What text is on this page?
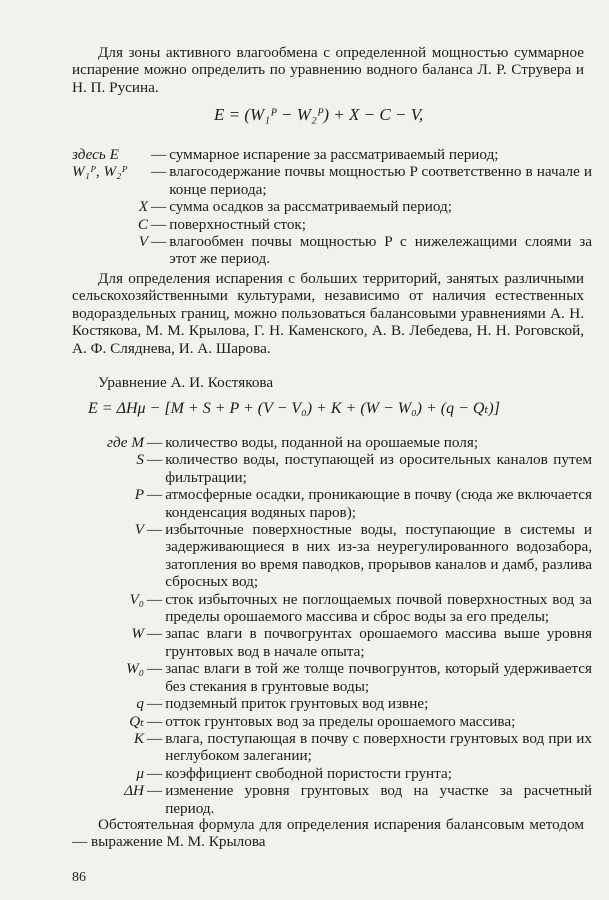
Для зоны активного влагообмена с определенной мощностью суммарное испарение можно определить по уравнению водного баланса Л. Р. Струвера и Н. П. Русина.
E = (W₁ᴾ − W₂ᴾ) + X − C − V,
здесь E	— суммарное испарение за рассматриваемый период;
W₁ᴾ, W₂ᴾ	— влагосодержание почвы мощностью P соответственно в начале и конце периода;
X — сумма осадков за рассматриваемый период;
C — поверхностный сток;
V — влагообмен почвы мощностью P с нижележащими слоями за этот же период.
Для определения испарения с больших территорий, занятых различными сельскохозяйственными культурами, независимо от наличия естественных водораздельных границ, можно пользоваться балансовыми уравнениями А. Н. Костякова, М. М. Крылова, Г. Н. Каменского, А. В. Лебедева, Н. Н. Роговской, А. Ф. Сляднева, И. А. Шарова.
Уравнение А. И. Костякова
E = ΔHμ − [M + S + P + (V − V₀) + K + (W − W₀) + (q − Qₜ)]
где M — количество воды, поданной на орошаемые поля;
S — количество воды, поступающей из оросительных каналов путем фильтрации;
P — атмосферные осадки, проникающие в почву (сюда же включается конденсация водяных паров);
V — избыточные поверхностные воды, поступающие в системы и задерживающиеся в них из-за неурегулированного водозабора, затопления во время паводков, прорывов каналов и дамб, разлива сбросных вод;
V₀ — сток избыточных не поглощаемых почвой поверхностных вод за пределы орошаемого массива и сброс воды за его пределы;
W — запас влаги в почвогрунтах орошаемого массива выше уровня грунтовых вод в начале опыта;
W₀ — запас влаги в той же толще почвогрунтов, который удерживается без стекания в грунтовые воды;
q — подземный приток грунтовых вод извне;
Qₜ — отток грунтовых вод за пределы орошаемого массива;
K — влага, поступающая в почву с поверхности грунтовых вод при их неглубоком залегании;
μ — коэффициент свободной пористости грунта;
ΔH — изменение уровня грунтовых вод на участке за расчетный период.
Обстоятельная формула для определения испарения балансовым методом — выражение М. М. Крылова
86
